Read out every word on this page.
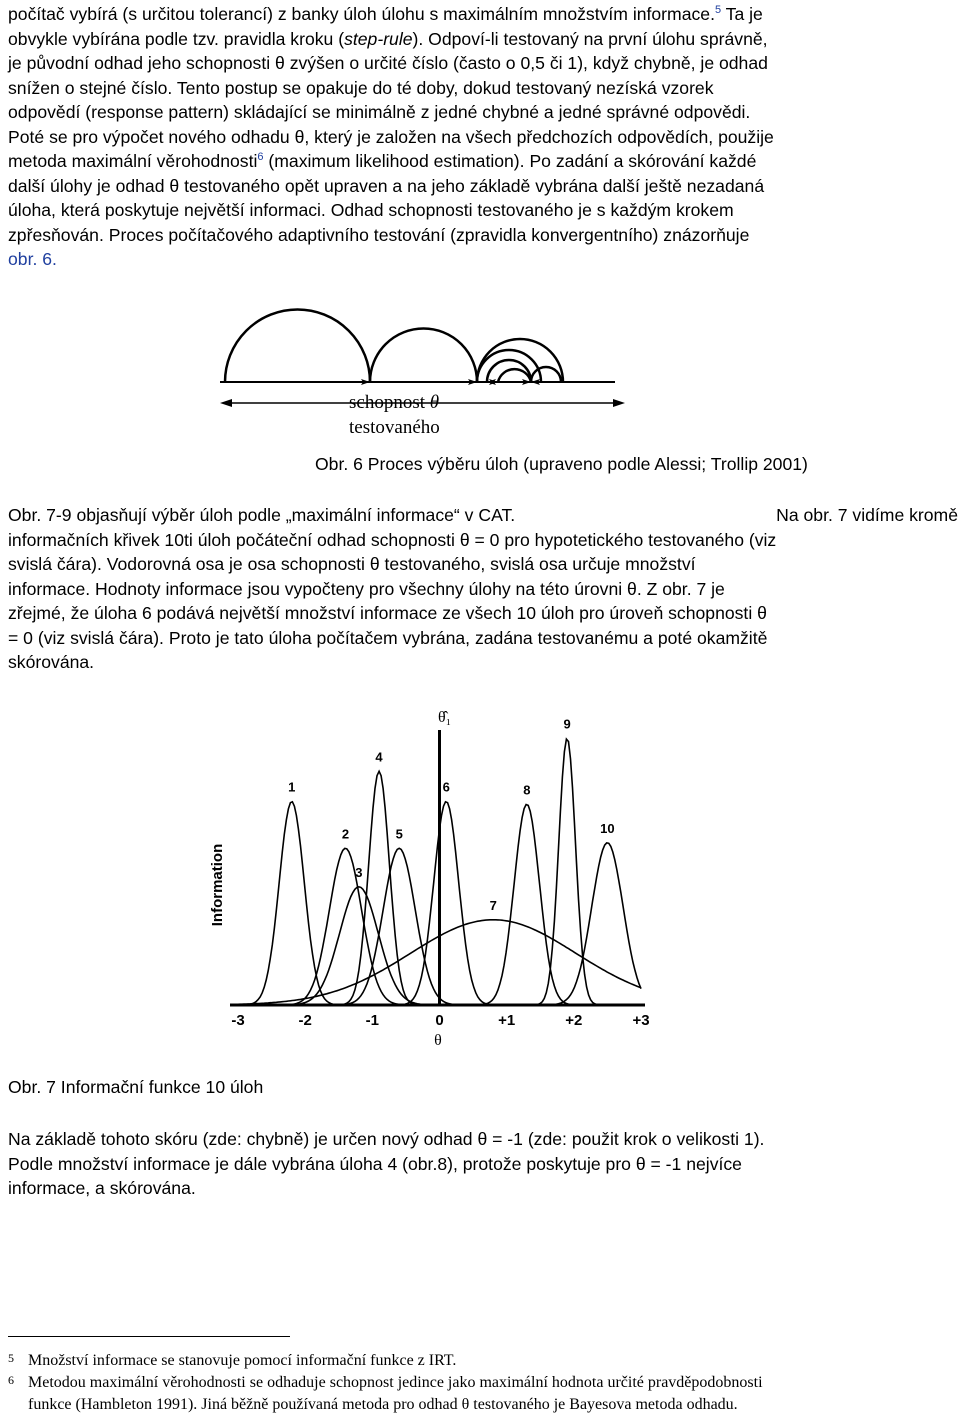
počítač vybírá (s určitou tolerancí) z banky úloh úlohu s maximálním množstvím informace.$^5$ Ta je
obvykle vybírána podle tzv. pravidla kroku (step-rule). Odpoví-li testovaný na první úlohu správně,
je původní odhad jeho schopnosti θ zvýšen o určité číslo (často o 0,5 či 1), když chybně, je odhad
snížen o stejné číslo. Tento postup se opakuje do té doby, dokud testovaný nezíská vzorek
odpovědí (response pattern) skládající se minimálně z jedné chybné a jedné správné odpovědi.
Poté se pro výpočet nového odhadu θ, který je založen na všech předchozích odpovědích, použije
metoda maximální věrohodnosti$^6$ (maximum likelihood estimation). Po zadání a skórování každé
další úlohy je odhad θ testovaného opět upraven a na jeho základě vybrána další ještě nezadaná
úloha, která poskytuje největší informaci. Odhad schopnosti testovaného je s každým krokem
zpřesňován. Proces počítačového adaptivního testování (zpravidla konvergentního) znázorňuje
obr. 6.
schopnost θ
testovaného
Obr. 6 Proces výběru úloh (upraveno podle Alessi; Trollip 2001)
Obr. 7-9 objasňují výběr úloh podle „maximální informace“ v CAT.	Na obr. 7 vidíme kromě
informačních křivek 10ti úloh počáteční odhad schopnosti θ = 0 pro hypotetického testovaného (viz
svislá čára). Vodorovná osa je osa schopnosti θ testovaného, svislá osa určuje množství
informace. Hodnoty informace jsou vypočteny pro všechny úlohy na této úrovni θ. Z obr. 7 je
zřejmé, že úloha 6 podává největší množství informace ze všech 10 úloh pro úroveň schopnosti θ
= 0 (viz svislá čára). Proto je tato úloha počítačem vybrána, zadána testovanému a poté okamžitě
skórována.
θ̂₁
Information
1
2
3
4
5
6
7
8
9
10
-3	-2	-1	0	+1	+2	+3
θ
Obr. 7 Informační funkce 10 úloh
Na základě tohoto skóru (zde: chybně) je určen nový odhad θ = -1 (zde: použit krok o velikosti 1).
Podle množství informace je dále vybrána úloha 4 (obr.8), protože poskytuje pro θ = -1 nejvíce
informace, a skórována.
5 Množství informace se stanovuje pomocí informační funkce z IRT.
6 Metodou maximální věrohodnosti se odhaduje schopnost jedince jako maximální hodnota určité pravděpodobnosti
funkce (Hambleton 1991). Jiná běžně používaná metoda pro odhad θ testovaného je Bayesova metoda odhadu.
